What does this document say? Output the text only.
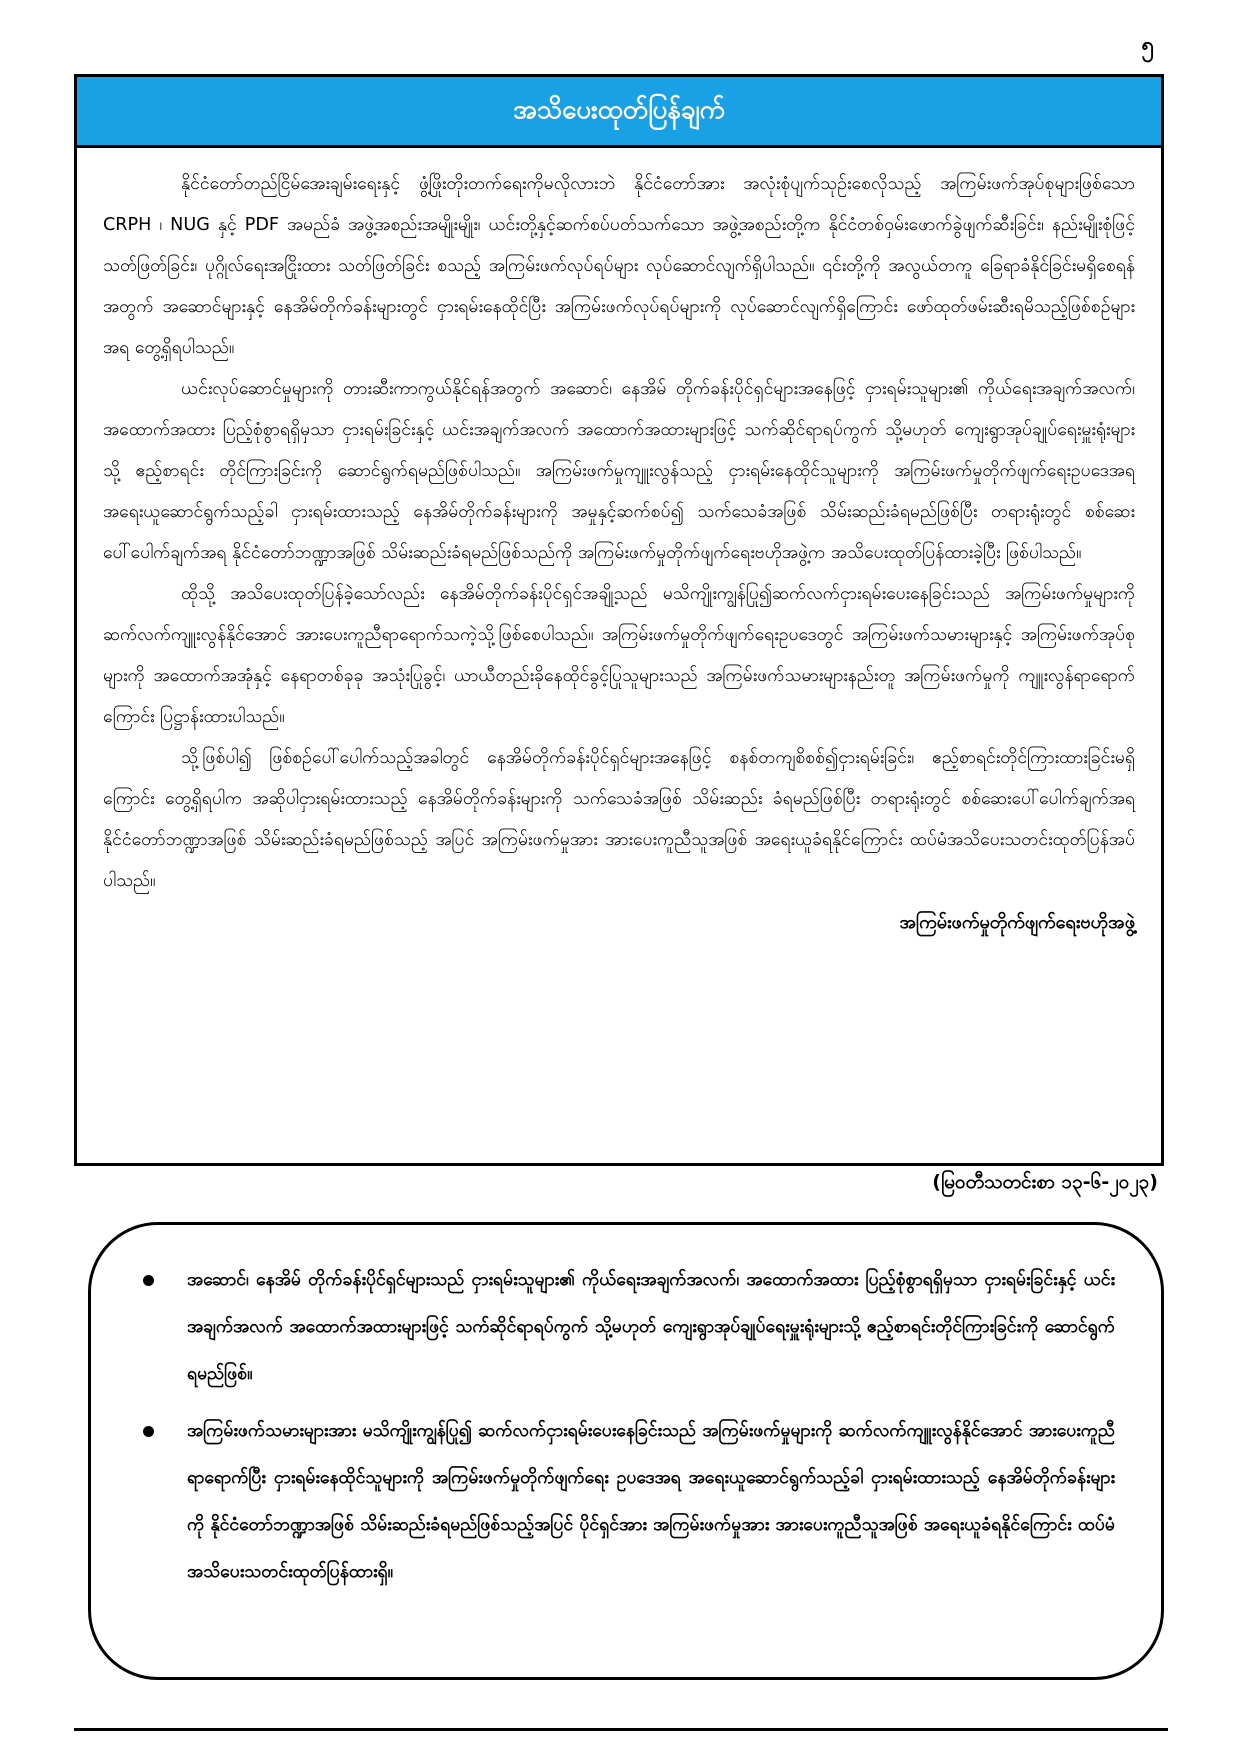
၅
အသိပေးထုတ်ပြန်ချက်

နိုင်ငံတော်တည်ငြိမ်အေးချမ်းရေးနှင့် ဖွံ့ဖြိုးတိုးတက်ရေးကိုမလိုလားဘဲ နိုင်ငံတော်အား အလုံးစုံပျက်သုဉ်းစေလိုသည့် အကြမ်းဖက်အုပ်စုများဖြစ်သော CRPH ၊ NUG နှင့် PDF အမည်ခံ အဖွဲ့အစည်းအမျိုးမျိုး၊ ယင်းတို့နှင့်ဆက်စပ်ပတ်သက်သော အဖွဲ့အစည်းတို့က နိုင်ငံတစ်ဝှမ်းဖောက်ခွဲဖျက်ဆီးခြင်း၊ နည်းမျိုးစုံဖြင့်သတ်ဖြတ်ခြင်း၊ ပုဂ္ဂိုလ်ရေးအငြိုးထား သတ်ဖြတ်ခြင်း စသည့် အကြမ်းဖက်လုပ်ရပ်များ လုပ်ဆောင်လျက်ရှိပါသည်။ ၎င်းတို့ကို အလွယ်တကူ ခြေရာခံနိုင်ခြင်းမရှိစေရန်အတွက် အဆောင်များနှင့် နေအိမ်တိုက်ခန်းများတွင် ငှားရမ်းနေထိုင်ပြီး အကြမ်းဖက်လုပ်ရပ်များကို လုပ်ဆောင်လျက်ရှိကြောင်း ဖော်ထုတ်ဖမ်းဆီးရမိသည့်ဖြစ်စဉ်များအရ တွေ့ရှိရပါသည်။

ယင်းလုပ်ဆောင်မှုများကို တားဆီးကာကွယ်နိုင်ရန်အတွက် အဆောင်၊ နေအိမ် တိုက်ခန်းပိုင်ရှင်များအနေဖြင့် ငှားရမ်းသူများ၏ ကိုယ်ရေးအချက်အလက်၊ အထောက်အထား ပြည့်စုံစွာရရှိမှသာ ငှားရမ်းခြင်းနှင့် ယင်းအချက်အလက် အထောက်အထားများဖြင့် သက်ဆိုင်ရာရပ်ကွက် သို့မဟုတ် ကျေးရွာအုပ်ချုပ်ရေးမှူးရုံးများသို့ ဧည့်စာရင်း တိုင်ကြားခြင်းကို ဆောင်ရွက်ရမည်ဖြစ်ပါသည်။ အကြမ်းဖက်မှုကျူးလွန်သည့် ငှားရမ်းနေထိုင်သူများကို အကြမ်းဖက်မှုတိုက်ဖျက်ရေးဥပဒေအရ အရေးယူဆောင်ရွက်သည့်ခါ ငှားရမ်းထားသည့် နေအိမ်တိုက်ခန်းများကို အမှုနှင့်ဆက်စပ်၍ သက်သေခံအဖြစ် သိမ်းဆည်းခံရမည်ဖြစ်ပြီး တရားရုံးတွင် စစ်ဆေးပေါ်ပေါက်ချက်အရ နိုင်ငံတော်ဘဏ္ဍာအဖြစ် သိမ်းဆည်းခံရမည်ဖြစ်သည်ကို အကြမ်းဖက်မှုတိုက်ဖျက်ရေးဗဟိုအဖွဲ့က အသိပေးထုတ်ပြန်ထားခဲ့ပြီး ဖြစ်ပါသည်။

ထိုသို့ အသိပေးထုတ်ပြန်ခဲ့သော်လည်း နေအိမ်တိုက်ခန်းပိုင်ရှင်အချို့သည် မသိကျိုးကျွန်ပြု၍ဆက်လက်ငှားရမ်းပေးနေခြင်းသည် အကြမ်းဖက်မှုများကို ဆက်လက်ကျူးလွန်နိုင်အောင် အားပေးကူညီရာရောက်သကဲ့သို့ဖြစ်စေပါသည်။ အကြမ်းဖက်မှုတိုက်ဖျက်ရေးဥပဒေတွင် အကြမ်းဖက်သမားများနှင့် အကြမ်းဖက်အုပ်စုများကို အထောက်အအုံနှင့် နေရာတစ်ခုခု အသုံးပြုခွင့်၊ ယာယီတည်းခိုနေထိုင်ခွင့်ပြုသူများသည် အကြမ်းဖက်သမားများနည်းတူ အကြမ်းဖက်မှုကို ကျူးလွန်ရာရောက်ကြောင်း ပြဋ္ဌာန်းထားပါသည်။

သို့ဖြစ်ပါ၍ ဖြစ်စဉ်ပေါ်ပေါက်သည့်အခါတွင် နေအိမ်တိုက်ခန်းပိုင်ရှင်များအနေဖြင့် စနစ်တကျစိစစ်၍ငှားရမ်းခြင်း၊ ဧည့်စာရင်းတိုင်ကြားထားခြင်းမရှိကြောင်း တွေ့ရှိရပါက အဆိုပါငှားရမ်းထားသည့် နေအိမ်တိုက်ခန်းများကို သက်သေခံအဖြစ် သိမ်းဆည်း ခံရမည်ဖြစ်ပြီး တရားရုံးတွင် စစ်ဆေးပေါ်ပေါက်ချက်အရ နိုင်ငံတော်ဘဏ္ဍာအဖြစ် သိမ်းဆည်းခံရမည်ဖြစ်သည့် အပြင် အကြမ်းဖက်မှုအား အားပေးကူညီသူအဖြစ် အရေးယူခံရနိုင်ကြောင်း ထပ်မံအသိပေးသတင်းထုတ်ပြန်အပ်ပါသည်။

အကြမ်းဖက်မှုတိုက်ဖျက်ရေးဗဟိုအဖွဲ့
(မြဝတီသတင်းစာ ၁၃-၆-၂၀၂၃)
အဆောင်၊ နေအိမ် တိုက်ခန်းပိုင်ရှင်များသည် ငှားရမ်းသူများ၏ ကိုယ်ရေးအချက်အလက်၊ အထောက်အထား ပြည့်စုံစွာရရှိမှသာ ငှားရမ်းခြင်းနှင့် ယင်းအချက်အလက် အထောက်အထားများဖြင့် သက်ဆိုင်ရာရပ်ကွက် သို့မဟုတ် ကျေးရွာအုပ်ချုပ်ရေးမှူးရုံးများသို့ ဧည့်စာရင်းတိုင်ကြားခြင်းကို ဆောင်ရွက်ရမည်ဖြစ်။
အကြမ်းဖက်သမားများအား မသိကျိုးကျွန်ပြု၍ ဆက်လက်ငှားရမ်းပေးနေခြင်းသည် အကြမ်းဖက်မှုများကို ဆက်လက်ကျူးလွန်နိုင်အောင် အားပေးကူညီရာရောက်ပြီး ငှားရမ်းနေထိုင်သူများကို အကြမ်းဖက်မှုတိုက်ဖျက်ရေး ဥပဒေအရ အရေးယူဆောင်ရွက်သည့်ခါ ငှားရမ်းထားသည့် နေအိမ်တိုက်ခန်းများကို နိုင်ငံတော်ဘဏ္ဍာအဖြစ် သိမ်းဆည်းခံရမည်ဖြစ်သည့်အပြင် ပိုင်ရှင်အား အကြမ်းဖက်မှုအား အားပေးကူညီသူအဖြစ် အရေးယူခံရနိုင်ကြောင်း ထပ်မံအသိပေးသတင်းထုတ်ပြန်ထားရှိ။
